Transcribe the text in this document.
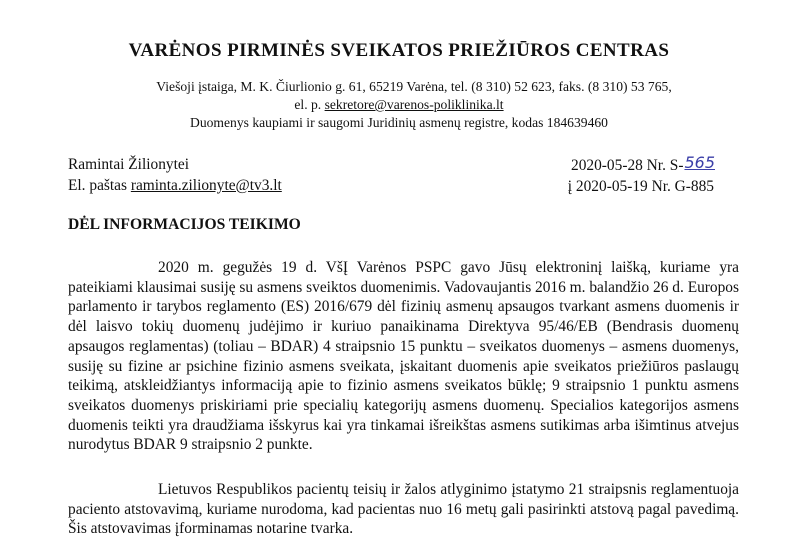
VARĖNOS PIRMINĖS SVEIKATOS PRIEŽIŪROS CENTRAS
Viešoji įstaiga, M. K. Čiurlionio g. 61, 65219 Varėna, tel. (8 310) 52 623, faks. (8 310) 53 765,
el. p. sekretore@varenos-poliklinika.lt
Duomenys kaupiami ir saugomi Juridinių asmenų registre, kodas 184639460
Ramintai Žilionytei
El. paštas raminta.zilionyte@tv3.lt
2020-05-28 Nr. S-565
į 2020-05-19 Nr. G-885
DĖL INFORMACIJOS TEIKIMO

2020 m. gegužės 19 d. VšĮ Varėnos PSPC gavo Jūsų elektroninį laišką, kuriame yra pateikiami klausimai susiję su asmens sveiktos duomenimis. Vadovaujantis 2016 m. balandžio 26 d. Europos parlamento ir tarybos reglamento (ES) 2016/679 dėl fizinių asmenų apsaugos tvarkant asmens duomenis ir dėl laisvo tokių duomenų judėjimo ir kuriuo panaikinama Direktyva 95/46/EB (Bendrasis duomenų apsaugos reglamentas) (toliau – BDAR) 4 straipsnio 15 punktu – sveikatos duomenys – asmens duomenys, susiję su fizine ar psichine fizinio asmens sveikata, įskaitant duomenis apie sveikatos priežiūros paslaugų teikimą, atskleidžiantys informaciją apie to fizinio asmens sveikatos būklę; 9 straipsnio 1 punktu asmens sveikatos duomenys priskiriami prie specialių kategorijų asmens duomenų. Specialios kategorijos asmens duomenis teikti yra draudžiama išskyrus kai yra tinkamai išreikštas asmens sutikimas arba išimtinus atvejus nurodytus BDAR 9 straipsnio 2 punkte.

Lietuvos Respublikos pacientų teisių ir žalos atlyginimo įstatymo 21 straipsnis reglamentuoja paciento atstovavimą, kuriame nurodoma, kad pacientas nuo 16 metų gali pasirinkti atstovą pagal pavedimą. Šis atstovavimas įforminamas notarine tvarka.
